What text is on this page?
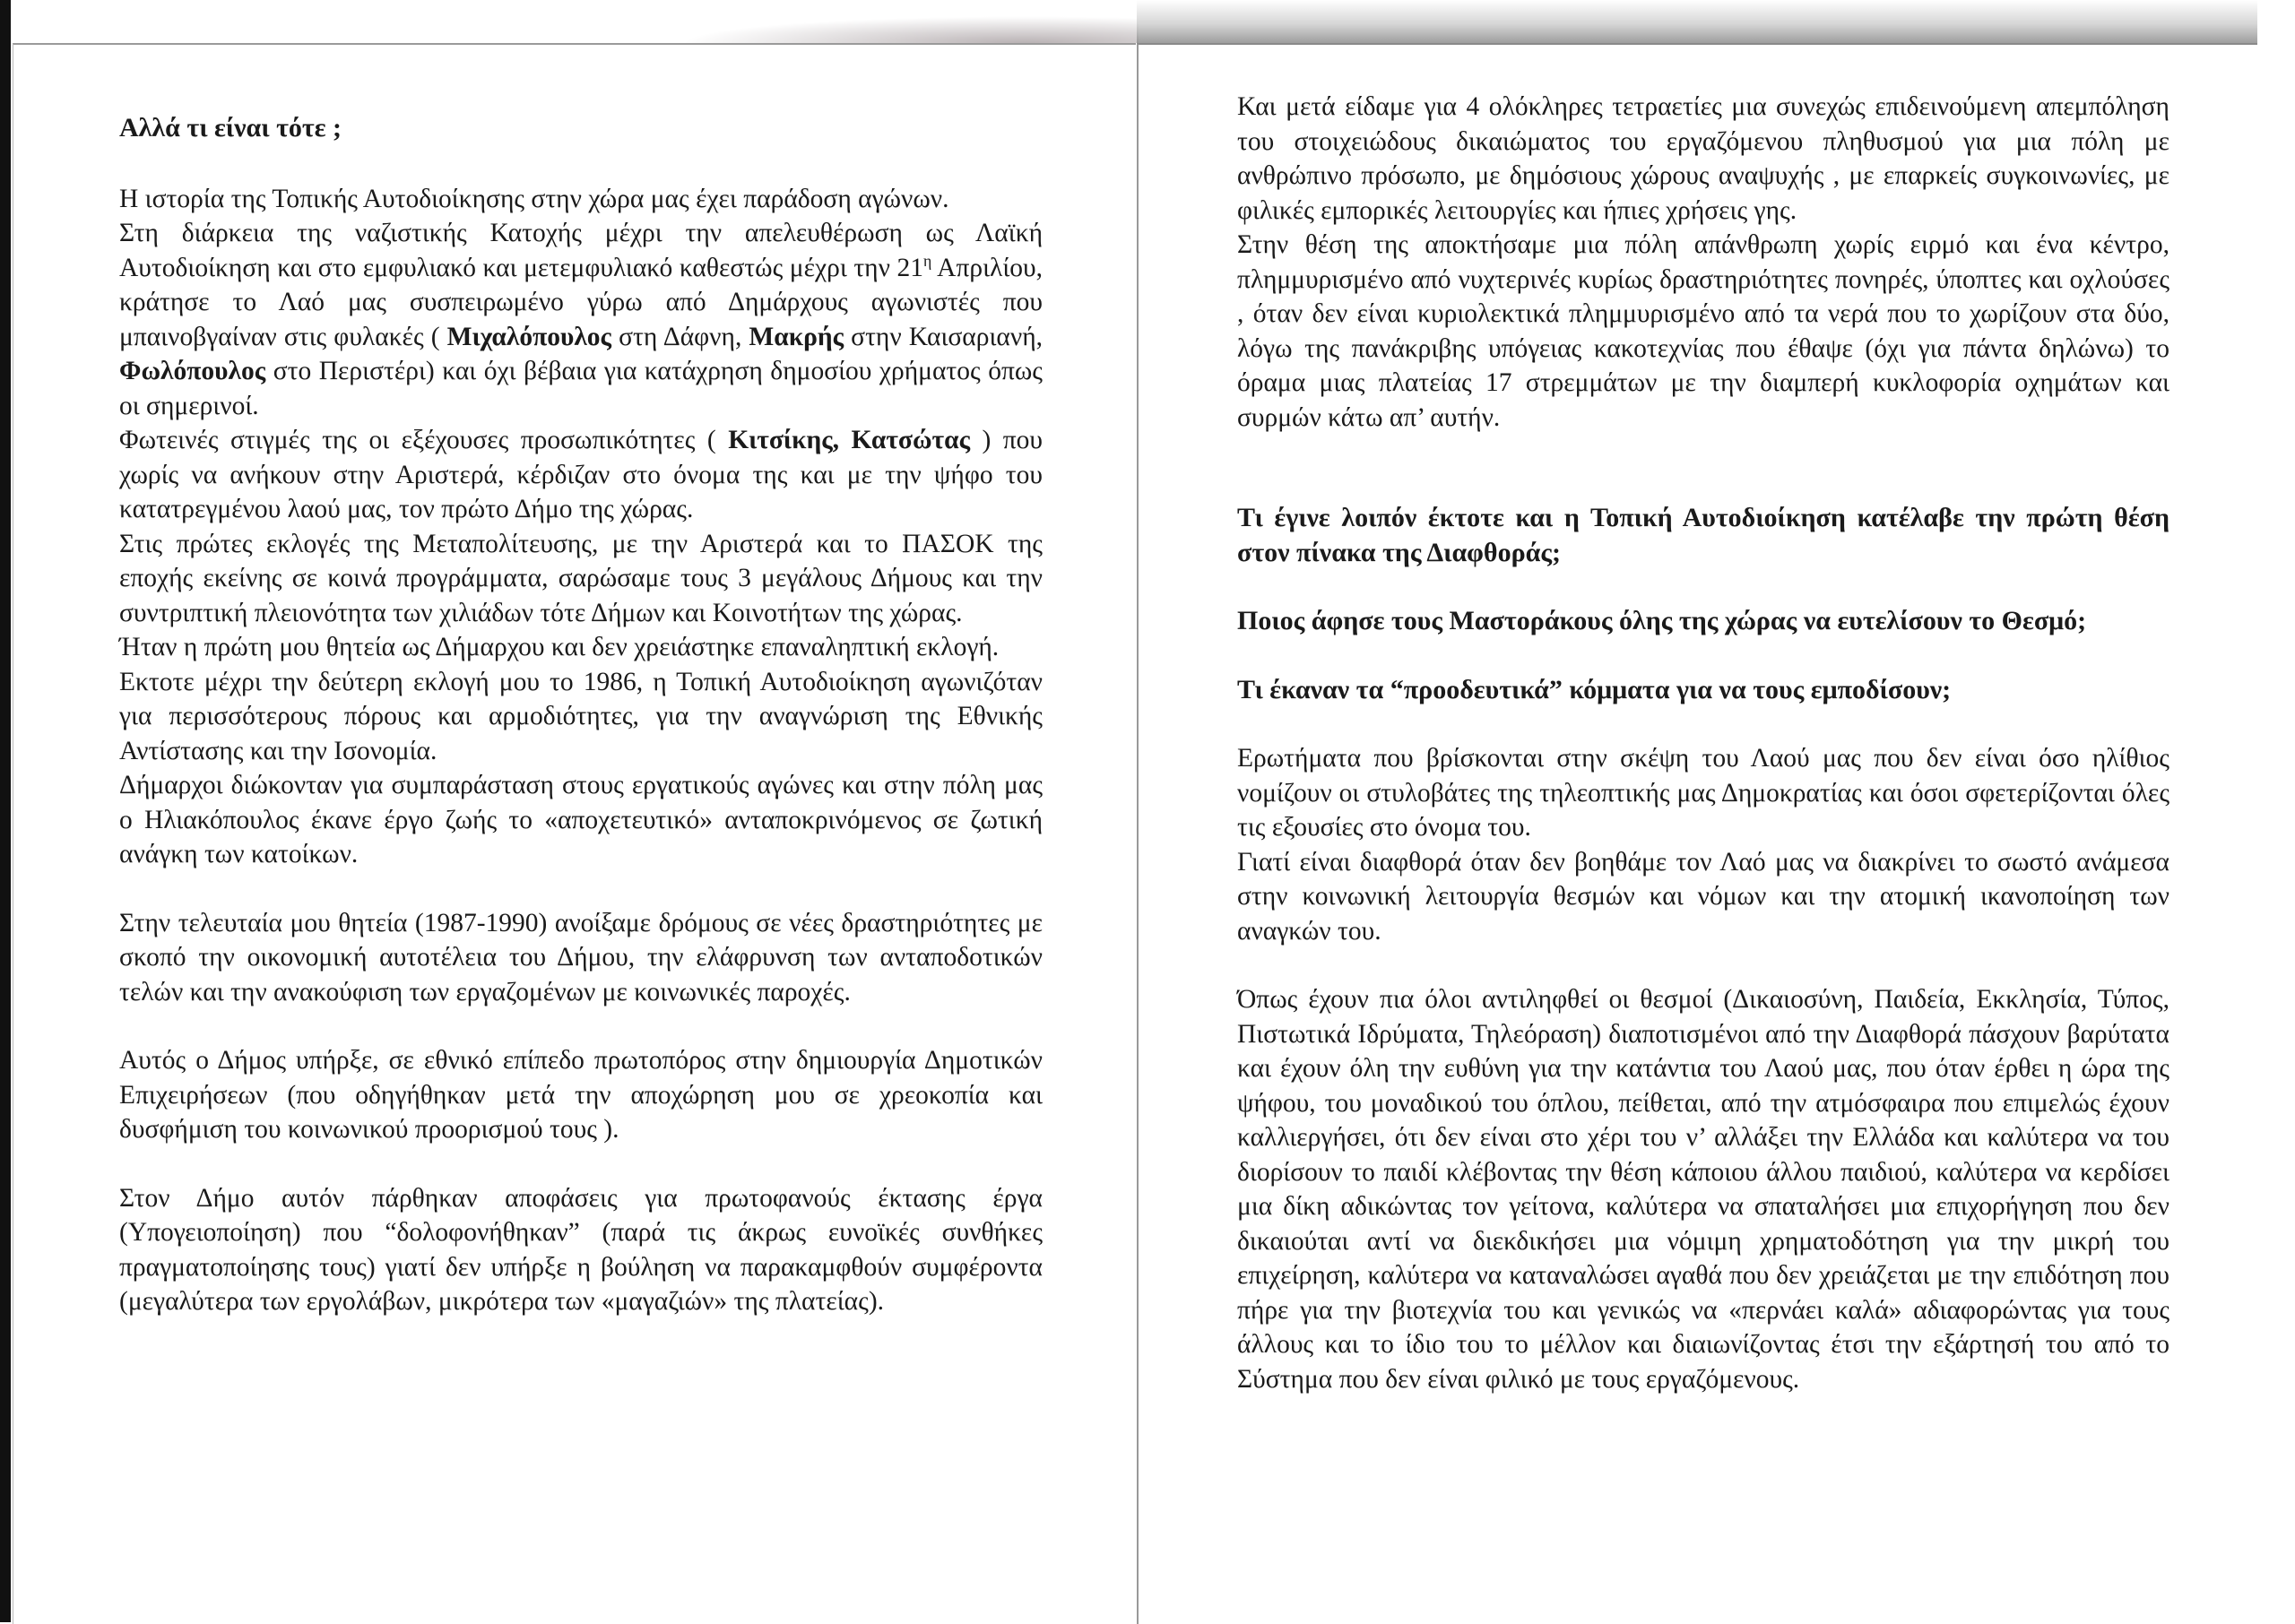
Αλλά τι είναι τότε ;

Η ιστορία της Τοπικής Αυτοδιοίκησης στην χώρα μας έχει παράδοση αγώνων.

Στη διάρκεια της ναζιστικής Κατοχής μέχρι την απελευθέρωση ως Λαϊκή Αυτοδιοίκηση και στο εμφυλιακό και μετεμφυλιακό καθεστώς μέχρι την $21^\eta$ Απριλίου, κράτησε το Λαό μας συσπειρωμένο γύρω από Δημάρχους αγωνιστές που μπαινοβγαίναν στις φυλακές ( Μιχαλόπουλος στη Δάφνη, Μακρής στην Καισαριανή, Φωλόπουλος στο Περιστέρι) και όχι βέβαια για κατάχρηση δημοσίου χρήματος όπως οι σημερινοί.

Φωτεινές στιγμές της οι εξέχουσες προσωπικότητες ( Κιτσίκης, Κατσώτας ) που χωρίς να ανήκουν στην Αριστερά, κέρδιζαν στο όνομα της και με την ψήφο του κατατρεγμένου λαού μας, τον πρώτο Δήμο της χώρας.

Στις πρώτες εκλογές της Μεταπολίτευσης, με την Αριστερά και το ΠΑΣΟΚ της εποχής εκείνης σε κοινά προγράμματα, σαρώσαμε τους 3 μεγάλους Δήμους και την συντριπτική πλειονότητα των χιλιάδων τότε Δήμων και Κοινοτήτων της χώρας.

Ήταν η πρώτη μου θητεία ως Δήμαρχου και δεν χρειάστηκε επαναληπτική εκλογή.

Εκτοτε μέχρι την δεύτερη εκλογή μου το 1986, η Τοπική Αυτοδιοίκηση αγωνιζόταν για περισσότερους πόρους και αρμοδιότητες, για την αναγνώριση της Εθνικής Αντίστασης και την Ισονομία.

Δήμαρχοι διώκονταν για συμπαράσταση στους εργατικούς αγώνες και στην πόλη μας ο Ηλιακόπουλος έκανε έργο ζωής το «αποχετευτικό» ανταποκρινόμενος σε ζωτική ανάγκη των κατοίκων.

Στην τελευταία μου θητεία (1987-1990) ανοίξαμε δρόμους σε νέες δραστηριότητες με σκοπό την οικονομική αυτοτέλεια του Δήμου, την ελάφρυνση των ανταποδοτικών τελών και την ανακούφιση των εργαζομένων με κοινωνικές παροχές.

Αυτός ο Δήμος υπήρξε, σε εθνικό επίπεδο πρωτοπόρος στην δημιουργία Δημοτικών Επιχειρήσεων (που οδηγήθηκαν μετά την αποχώρηση μου σε χρεοκοπία και δυσφήμιση του κοινωνικού προορισμού τους ).

Στον Δήμο αυτόν πάρθηκαν αποφάσεις για πρωτοφανούς έκτασης έργα (Υπογειοποίηση) που “δολοφονήθηκαν” (παρά τις άκρως ευνοϊκές συνθήκες πραγματοποίησης τους) γιατί δεν υπήρξε η βούληση να παρακαμφθούν συμφέροντα (μεγαλύτερα των εργολάβων, μικρότερα των «μαγαζιών» της πλατείας).

Και μετά είδαμε για 4 ολόκληρες τετραετίες μια συνεχώς επιδεινούμενη απεμπόληση του στοιχειώδους δικαιώματος του εργαζόμενου πληθυσμού για μια πόλη με ανθρώπινο πρόσωπο, με δημόσιους χώρους αναψυχής , με επαρκείς συγκοινωνίες, με φιλικές εμπορικές λειτουργίες και ήπιες χρήσεις γης.

Στην θέση της αποκτήσαμε μια πόλη απάνθρωπη χωρίς ειρμό και ένα κέντρο, πλημμυρισμένο από νυχτερινές κυρίως δραστηριότητες πονηρές, ύποπτες και οχλούσες , όταν δεν είναι κυριολεκτικά πλημμυρισμένο από τα νερά που το χωρίζουν στα δύο, λόγω της πανάκριβης υπόγειας κακοτεχνίας που έθαψε (όχι για πάντα δηλώνω) το όραμα μιας πλατείας 17 στρεμμάτων με την διαμπερή κυκλοφορία οχημάτων και συρμών κάτω απ’ αυτήν.

Τι έγινε λοιπόν έκτοτε και η Τοπική Αυτοδιοίκηση κατέλαβε την πρώτη θέση στον πίνακα της Διαφθοράς;

Ποιος άφησε τους Μαστοράκους όλης της χώρας να ευτελίσουν το Θεσμό;

Τι έκαναν τα “προοδευτικά” κόμματα για να τους εμποδίσουν;

Ερωτήματα που βρίσκονται στην σκέψη του Λαού μας που δεν είναι όσο ηλίθιος νομίζουν οι στυλοβάτες της τηλεοπτικής μας Δημοκρατίας και όσοι σφετερίζονται όλες τις εξουσίες στο όνομα του.

Γιατί είναι διαφθορά όταν δεν βοηθάμε τον Λαό μας να διακρίνει το σωστό ανάμεσα στην κοινωνική λειτουργία θεσμών και νόμων και την ατομική ικανοποίηση των αναγκών του.

Όπως έχουν πια όλοι αντιληφθεί οι θεσμοί (Δικαιοσύνη, Παιδεία, Εκκλησία, Τύπος, Πιστωτικά Ιδρύματα, Τηλεόραση) διαποτισμένοι από την Διαφθορά πάσχουν βαρύτατα και έχουν όλη την ευθύνη για την κατάντια του Λαού μας, που όταν έρθει η ώρα της ψήφου, του μοναδικού του όπλου, πείθεται, από την ατμόσφαιρα που επιμελώς έχουν καλλιεργήσει, ότι δεν είναι στο χέρι του ν’ αλλάξει την Ελλάδα και καλύτερα να του διορίσουν το παιδί κλέβοντας την θέση κάποιου άλλου παιδιού, καλύτερα να κερδίσει μια δίκη αδικώντας τον γείτονα, καλύτερα να σπαταλήσει μια επιχορήγηση που δεν δικαιούται αντί να διεκδικήσει μια νόμιμη χρηματοδότηση για την μικρή του επιχείρηση, καλύτερα να καταναλώσει αγαθά που δεν χρειάζεται με την επιδότηση που πήρε για την βιοτεχνία του και γενικώς να «περνάει καλά» αδιαφορώντας για τους άλλους και το ίδιο του το μέλλον και διαιωνίζοντας έτσι την εξάρτησή του από το Σύστημα που δεν είναι φιλικό με τους εργαζόμενους.
